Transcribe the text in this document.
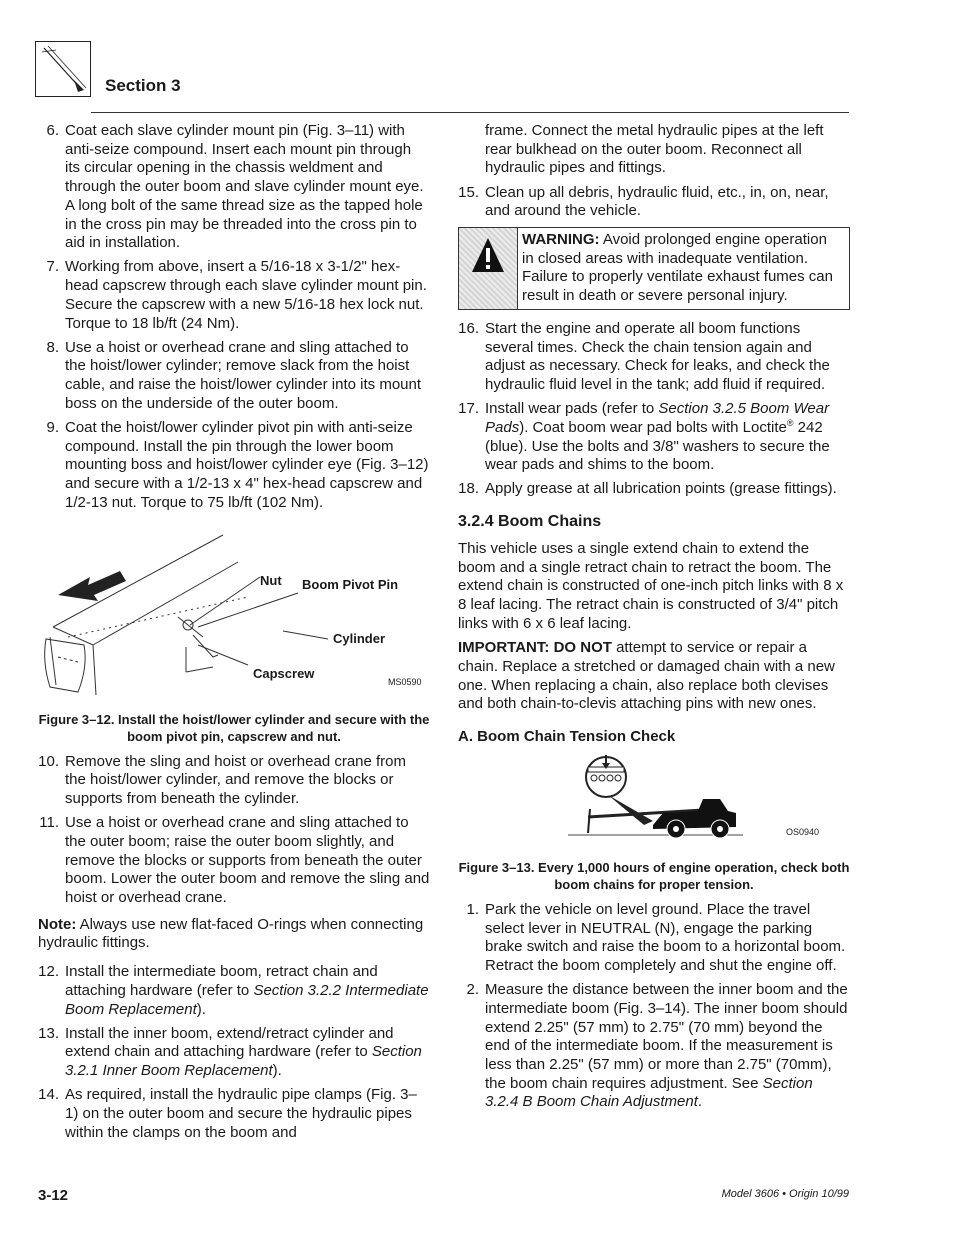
Section 3
6. Coat each slave cylinder mount pin (Fig. 3–11) with anti-seize compound. Insert each mount pin through its circular opening in the chassis weldment and through the outer boom and slave cylinder mount eye. A long bolt of the same thread size as the tapped hole in the cross pin may be threaded into the cross pin to aid in installation.
7. Working from above, insert a 5/16-18 x 3-1/2" hex-head capscrew through each slave cylinder mount pin. Secure the capscrew with a new 5/16-18 hex lock nut. Torque to 18 lb/ft (24 Nm).
8. Use a hoist or overhead crane and sling attached to the hoist/lower cylinder; remove slack from the hoist cable, and raise the hoist/lower cylinder into its mount boss on the underside of the outer boom.
9. Coat the hoist/lower cylinder pivot pin with anti-seize compound. Install the pin through the lower boom mounting boss and hoist/lower cylinder eye (Fig. 3–12) and secure with a 1/2-13 x 4" hex-head capscrew and 1/2-13 nut. Torque to 75 lb/ft (102 Nm).
Nut Boom Pivot Pin
Cylinder
Capscrew
MS0590
Figure 3–12. Install the hoist/lower cylinder and secure with the boom pivot pin, capscrew and nut.
10. Remove the sling and hoist or overhead crane from the hoist/lower cylinder, and remove the blocks or supports from beneath the cylinder.
11. Use a hoist or overhead crane and sling attached to the outer boom; raise the outer boom slightly, and remove the blocks or supports from beneath the outer boom. Lower the outer boom and remove the sling and hoist or overhead crane.
Note: Always use new flat-faced O-rings when connecting hydraulic fittings.
12. Install the intermediate boom, retract chain and attaching hardware (refer to Section 3.2.2 Intermediate Boom Replacement).
13. Install the inner boom, extend/retract cylinder and extend chain and attaching hardware (refer to Section 3.2.1 Inner Boom Replacement).
14. As required, install the hydraulic pipe clamps (Fig. 3–1) on the outer boom and secure the hydraulic pipes within the clamps on the boom and
frame. Connect the metal hydraulic pipes at the left rear bulkhead on the outer boom. Reconnect all hydraulic pipes and fittings.
15. Clean up all debris, hydraulic fluid, etc., in, on, near, and around the vehicle.
WARNING: Avoid prolonged engine operation in closed areas with inadequate ventilation. Failure to properly ventilate exhaust fumes can result in death or severe personal injury.
16. Start the engine and operate all boom functions several times. Check the chain tension again and adjust as necessary. Check for leaks, and check the hydraulic fluid level in the tank; add fluid if required.
17. Install wear pads (refer to Section 3.2.5 Boom Wear Pads). Coat boom wear pad bolts with Loctite® 242 (blue). Use the bolts and 3/8" washers to secure the wear pads and shims to the boom.
18. Apply grease at all lubrication points (grease fittings).
3.2.4 Boom Chains
This vehicle uses a single extend chain to extend the boom and a single retract chain to retract the boom. The extend chain is constructed of one-inch pitch links with 8 x 8 leaf lacing. The retract chain is constructed of 3/4" pitch links with 6 x 6 leaf lacing.
IMPORTANT: DO NOT attempt to service or repair a chain. Replace a stretched or damaged chain with a new one. When replacing a chain, also replace both clevises and both chain-to-clevis attaching pins with new ones.
A. Boom Chain Tension Check
OS0940
Figure 3–13. Every 1,000 hours of engine operation, check both boom chains for proper tension.
1. Park the vehicle on level ground. Place the travel select lever in NEUTRAL (N), engage the parking brake switch and raise the boom to a horizontal boom. Retract the boom completely and shut the engine off.
2. Measure the distance between the inner boom and the intermediate boom (Fig. 3–14). The inner boom should extend 2.25" (57 mm) to 2.75" (70 mm) beyond the end of the intermediate boom. If the measurement is less than 2.25" (57 mm) or more than 2.75" (70mm), the boom chain requires adjustment. See Section 3.2.4 B Boom Chain Adjustment.
3-12	Model 3606 • Origin 10/99
